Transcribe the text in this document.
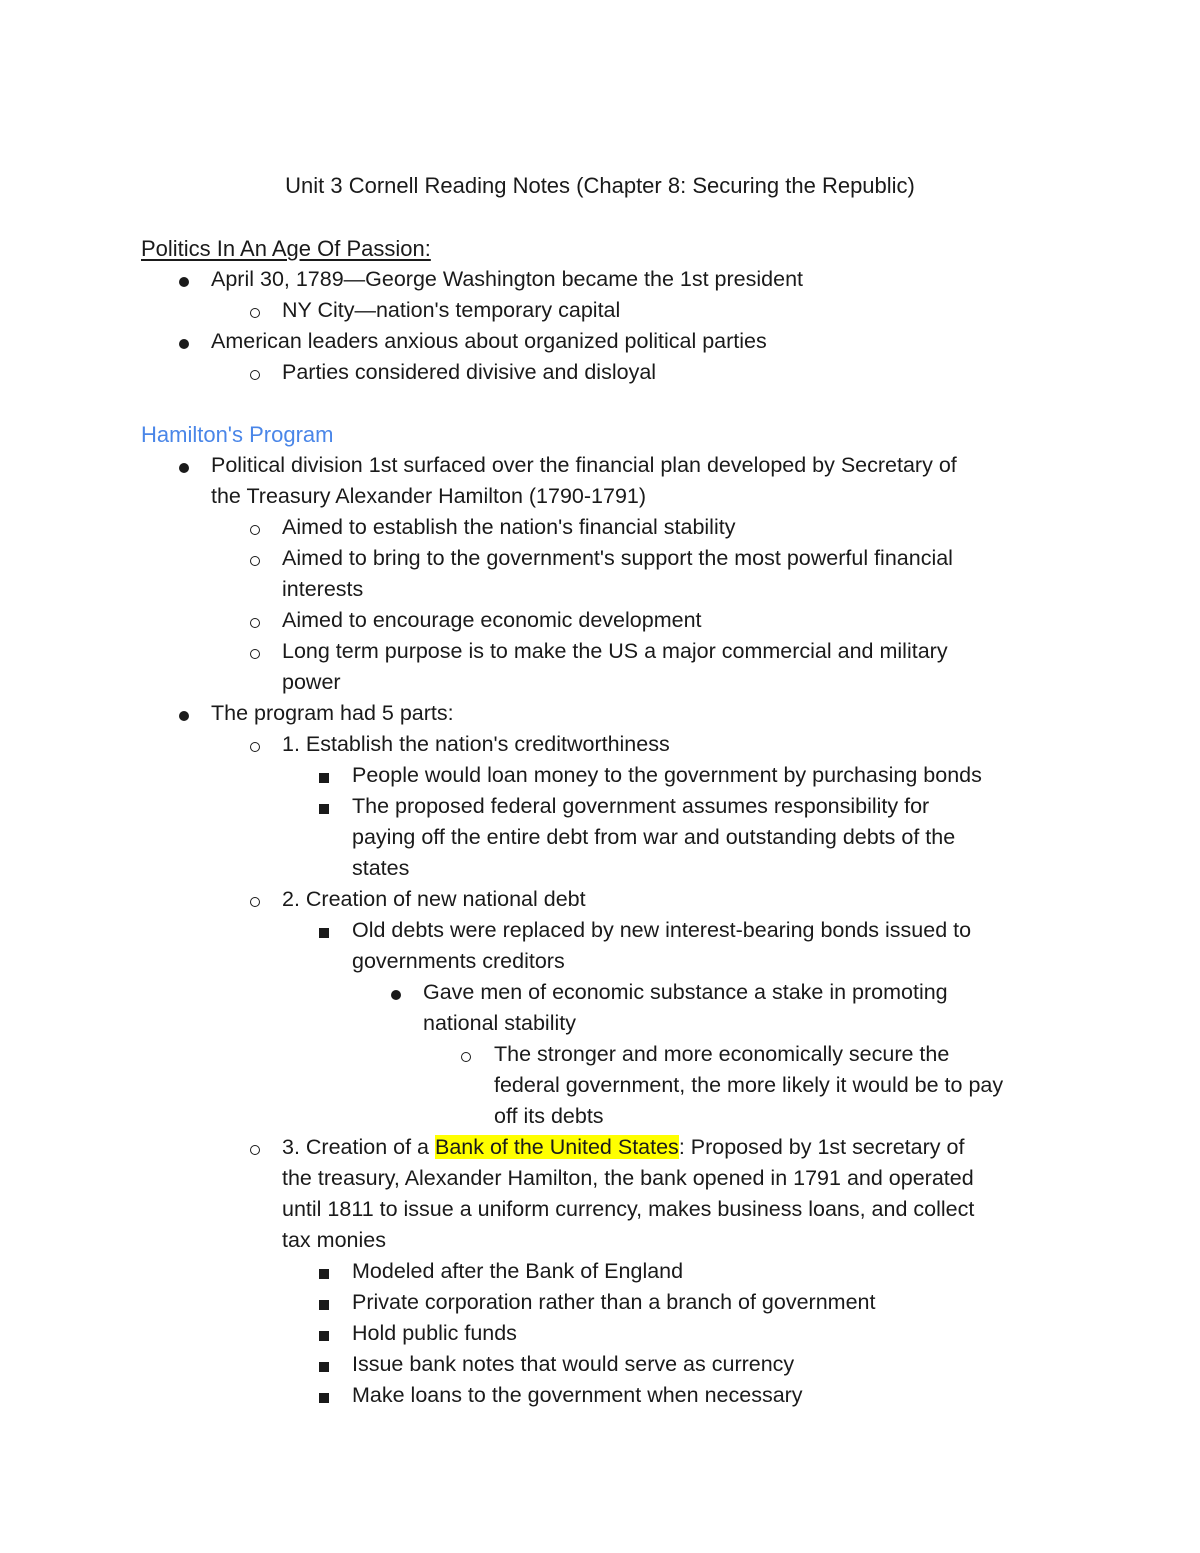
Unit 3 Cornell Reading Notes (Chapter 8: Securing the Republic)
Politics In An Age Of Passion:
April 30, 1789—George Washington became the 1st president
NY City—nation's temporary capital
American leaders anxious about organized political parties
Parties considered divisive and disloyal
Hamilton's Program
Political division 1st surfaced over the financial plan developed by Secretary of
the Treasury Alexander Hamilton (1790-1791)
Aimed to establish the nation's financial stability
Aimed to bring to the government's support the most powerful financial
interests
Aimed to encourage economic development
Long term purpose is to make the US a major commercial and military
power
The program had 5 parts:
1. Establish the nation's creditworthiness
People would loan money to the government by purchasing bonds
The proposed federal government assumes responsibility for
paying off the entire debt from war and outstanding debts of the
states
2. Creation of new national debt
Old debts were replaced by new interest-bearing bonds issued to
governments creditors
Gave men of economic substance a stake in promoting
national stability
The stronger and more economically secure the
federal government, the more likely it would be to pay
off its debts
3. Creation of a Bank of the United States: Proposed by 1st secretary of
the treasury, Alexander Hamilton, the bank opened in 1791 and operated
until 1811 to issue a uniform currency, makes business loans, and collect
tax monies
Modeled after the Bank of England
Private corporation rather than a branch of government
Hold public funds
Issue bank notes that would serve as currency
Make loans to the government when necessary
